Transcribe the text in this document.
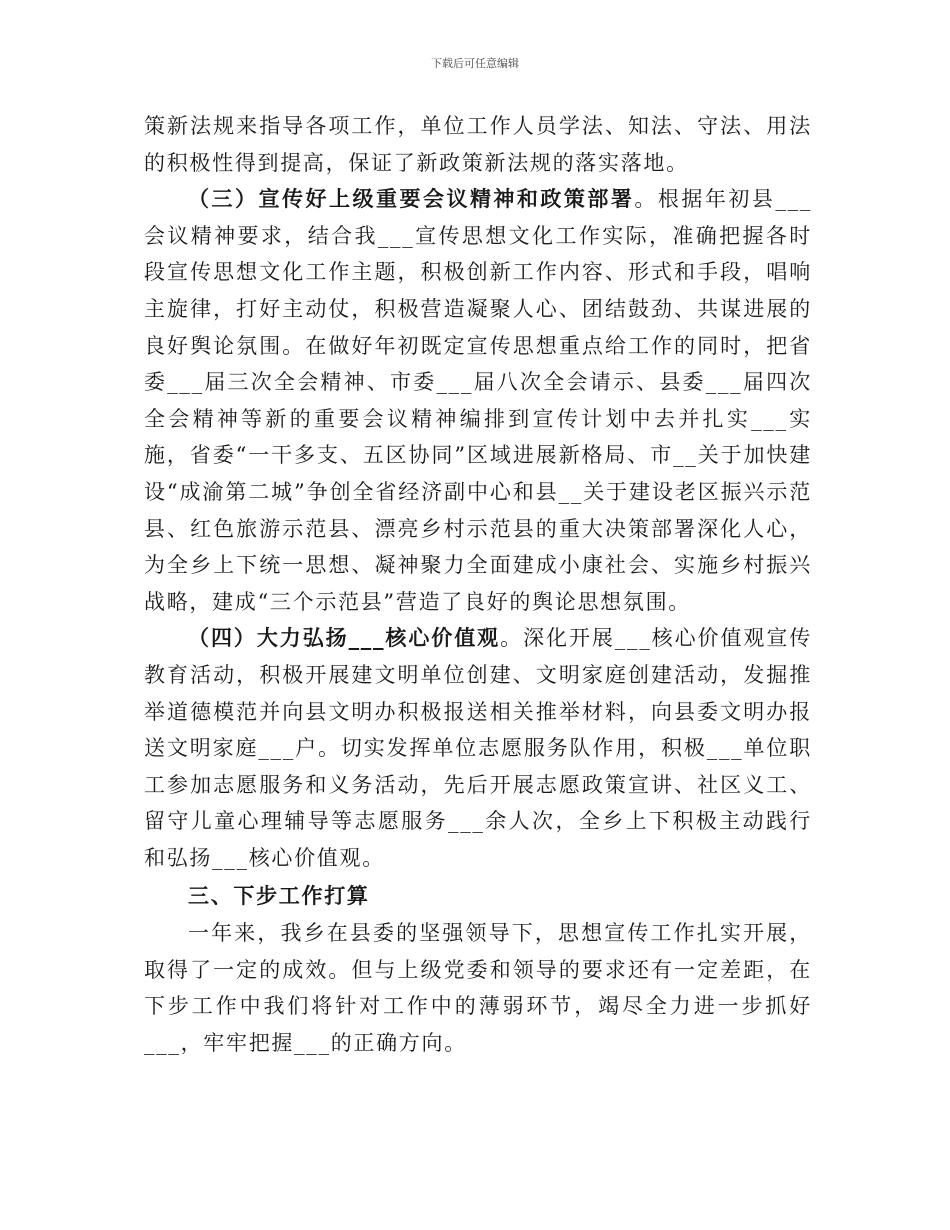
下载后可任意编辑

策新法规来指导各项工作，单位工作人员学法、知法、守法、用法的积极性得到提高，保证了新政策新法规的落实落地。

（三）宣传好上级重要会议精神和政策部署。根据年初县___会议精神要求，结合我___宣传思想文化工作实际，准确把握各时段宣传思想文化工作主题，积极创新工作内容、形式和手段，唱响主旋律，打好主动仗，积极营造凝聚人心、团结鼓劲、共谋进展的良好舆论氛围。在做好年初既定宣传思想重点给工作的同时，把省委___届三次全会精神、市委___届八次全会请示、县委___届四次全会精神等新的重要会议精神编排到宣传计划中去并扎实___实施，省委“一干多支、五区协同”区域进展新格局、市__关于加快建设“成渝第二城”争创全省经济副中心和县__关于建设老区振兴示范县、红色旅游示范县、漂亮乡村示范县的重大决策部署深化人心，为全乡上下统一思想、凝神聚力全面建成小康社会、实施乡村振兴战略，建成“三个示范县”营造了良好的舆论思想氛围。

（四）大力弘扬___核心价值观。深化开展___核心价值观宣传教育活动，积极开展建文明单位创建、文明家庭创建活动，发掘推举道德模范并向县文明办积极报送相关推举材料，向县委文明办报送文明家庭___户。切实发挥单位志愿服务队作用，积极___单位职工参加志愿服务和义务活动，先后开展志愿政策宣讲、社区义工、留守儿童心理辅导等志愿服务___余人次，全乡上下积极主动践行和弘扬___核心价值观。

三、下步工作打算

一年来，我乡在县委的坚强领导下，思想宣传工作扎实开展，取得了一定的成效。但与上级党委和领导的要求还有一定差距，在下步工作中我们将针对工作中的薄弱环节，竭尽全力进一步抓好___，牢牢把握___的正确方向。
